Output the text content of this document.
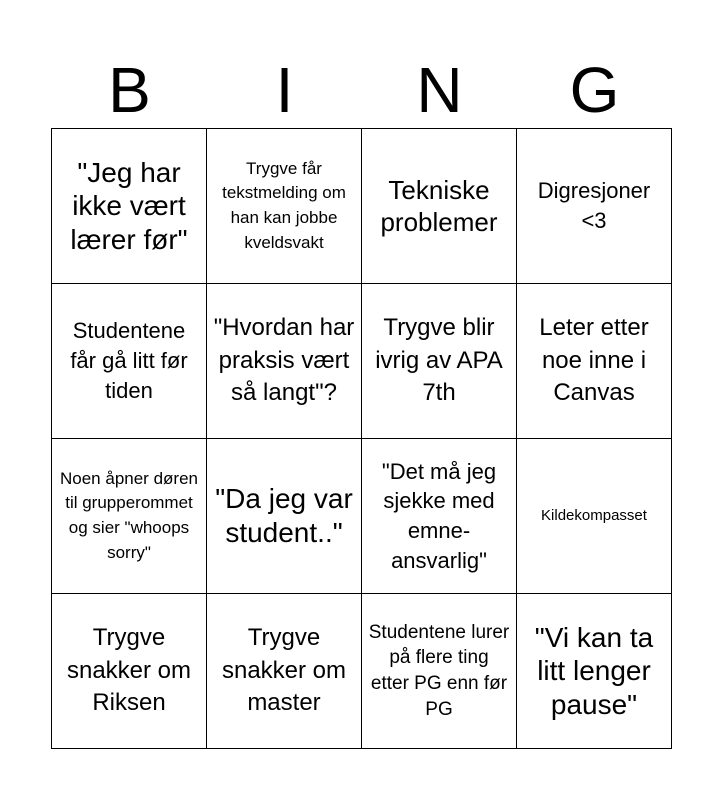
B	I	N	G
"Jeg har ikke vært lærer før"
Trygve får tekstmelding om han kan jobbe kveldsvakt
Tekniske problemer
Digresjoner <3
Studentene får gå litt før tiden
"Hvordan har praksis vært så langt"?
Trygve blir ivrig av APA 7th
Leter etter noe inne i Canvas
Noen åpner døren til grupperommet og sier "whoops sorry"
"Da jeg var student.."
"Det må jeg sjekke med emne-ansvarlig"
Kildekompasset
Trygve snakker om Riksen
Trygve snakker om master
Studentene lurer på flere ting etter PG enn før PG
"Vi kan ta litt lenger pause"
